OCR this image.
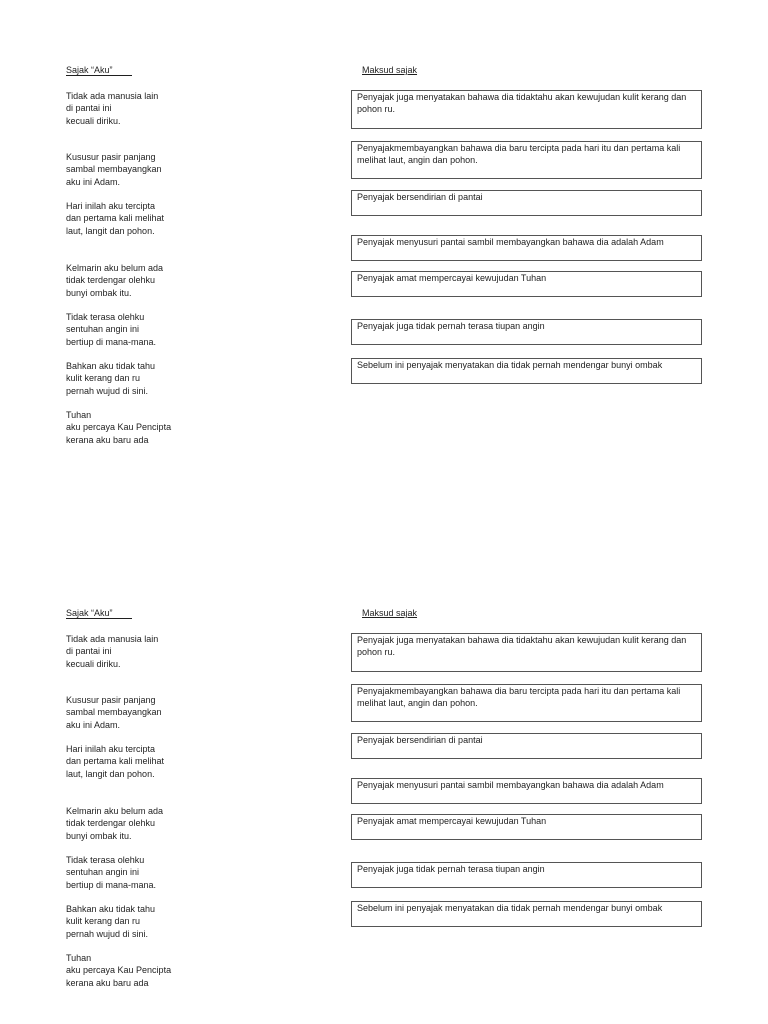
Sajak “Aku”	Maksud sajak
Tidak ada manusia lain
di pantai ini
kecuali diriku.
Kususur pasir panjang
sambal membayangkan
aku ini Adam.
Hari inilah aku tercipta
dan pertama kali melihat
laut, langit dan pohon.
Kelmarin aku belum ada
tidak terdengar olehku
bunyi ombak itu.
Tidak terasa olehku
sentuhan angin ini
bertiup di mana-mana.
Bahkan aku tidak tahu
kulit kerang dan ru
pernah wujud di sini.
Tuhan
aku percaya Kau Pencipta
kerana aku baru ada
Penyajak juga menyatakan bahawa dia tidaktahu akan kewujudan kulit kerang dan
pohon ru.
Penyajakmembayangkan bahawa dia baru tercipta pada hari itu dan pertama kali
melihat laut, angin dan pohon.
Penyajak bersendirian di pantai
Penyajak menyusuri pantai sambil membayangkan bahawa dia adalah Adam
Penyajak amat mempercayai kewujudan Tuhan
Penyajak juga tidak pernah terasa tiupan angin
Sebelum ini penyajak menyatakan dia tidak pernah mendengar bunyi ombak
Sajak “Aku”	Maksud sajak
Tidak ada manusia lain
di pantai ini
kecuali diriku.
Kususur pasir panjang
sambal membayangkan
aku ini Adam.
Hari inilah aku tercipta
dan pertama kali melihat
laut, langit dan pohon.
Kelmarin aku belum ada
tidak terdengar olehku
bunyi ombak itu.
Tidak terasa olehku
sentuhan angin ini
bertiup di mana-mana.
Bahkan aku tidak tahu
kulit kerang dan ru
pernah wujud di sini.
Tuhan
aku percaya Kau Pencipta
kerana aku baru ada
Penyajak juga menyatakan bahawa dia tidaktahu akan kewujudan kulit kerang dan
pohon ru.
Penyajakmembayangkan bahawa dia baru tercipta pada hari itu dan pertama kali
melihat laut, angin dan pohon.
Penyajak bersendirian di pantai
Penyajak menyusuri pantai sambil membayangkan bahawa dia adalah Adam
Penyajak amat mempercayai kewujudan Tuhan
Penyajak juga tidak pernah terasa tiupan angin
Sebelum ini penyajak menyatakan dia tidak pernah mendengar bunyi ombak
